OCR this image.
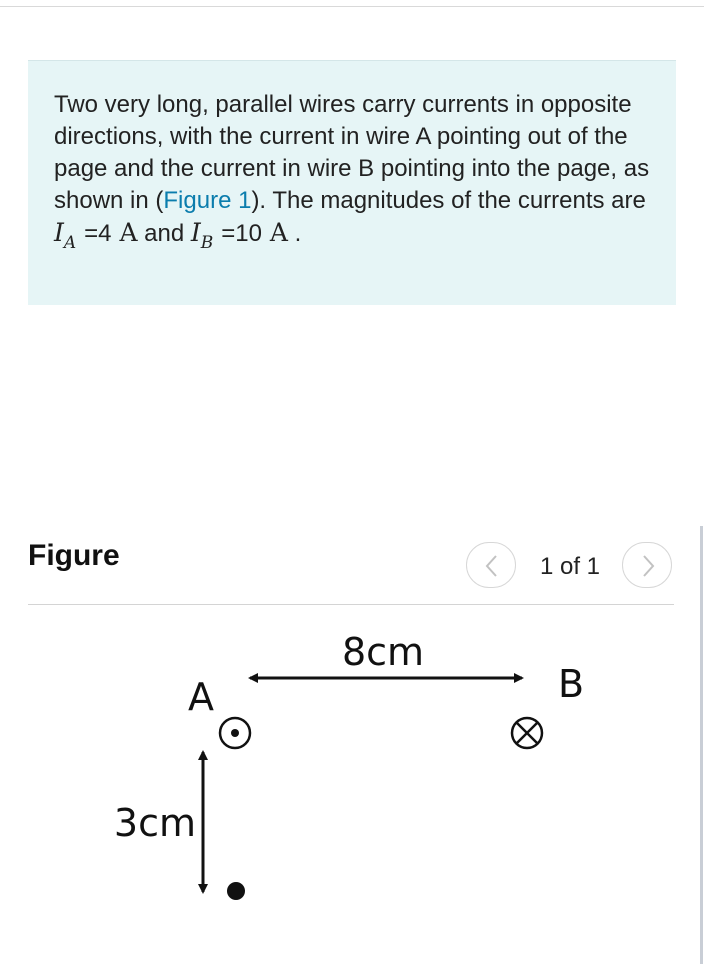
Two very long, parallel wires carry currents in opposite directions, with the current in wire A pointing out of the page and the current in wire B pointing into the page, as shown in (Figure 1). The magnitudes of the currents are $I_A =4$ A and $I_B =10$ A .

Figure	1 of 1
8cm
A	B
3cm
